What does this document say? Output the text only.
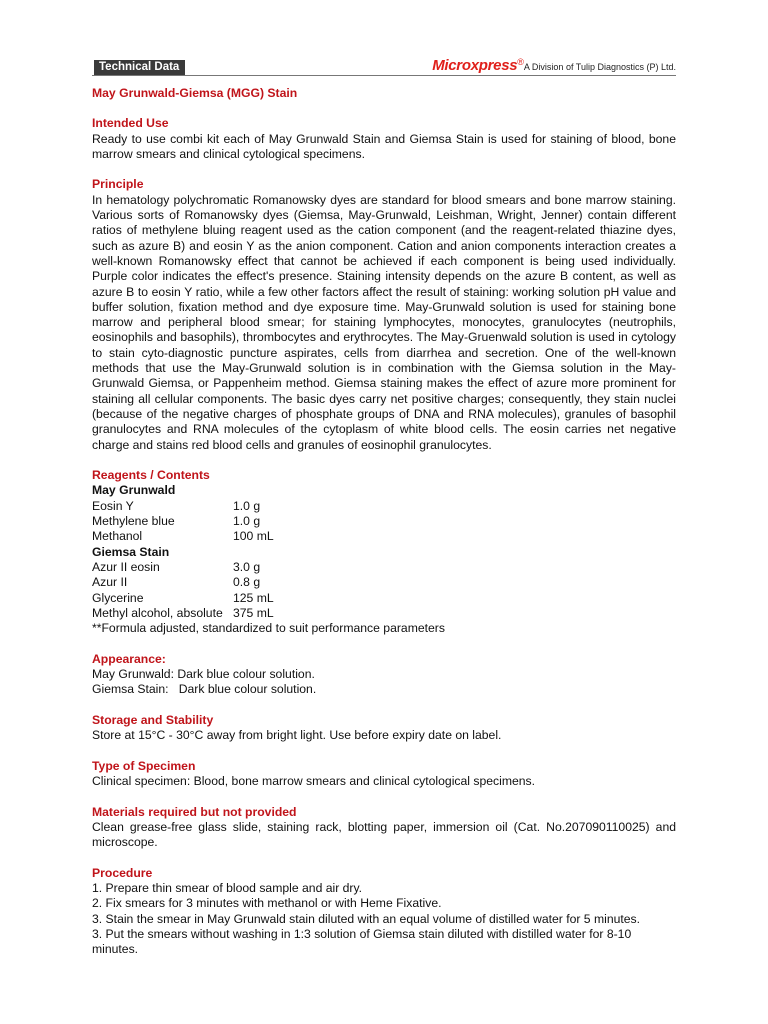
Technical Data	Microxpress®A Division of Tulip Diagnostics (P) Ltd.

May Grunwald-Giemsa (MGG) Stain

Intended Use

Ready to use combi kit each of May Grunwald Stain and Giemsa Stain is used for staining of blood, bone marrow smears and clinical cytological specimens.

Principle

In hematology polychromatic Romanowsky dyes are standard for blood smears and bone marrow staining. Various sorts of Romanowsky dyes (Giemsa, May-Grunwald, Leishman, Wright, Jenner) contain different ratios of methylene bluing reagent used as the cation component (and the reagent-related thiazine dyes, such as azure B) and eosin Y as the anion component. Cation and anion components interaction creates a well-known Romanowsky effect that cannot be achieved if each component is being used individually. Purple color indicates the effect's presence. Staining intensity depends on the azure B content, as well as azure B to eosin Y ratio, while a few other factors affect the result of staining: working solution pH value and buffer solution, fixation method and dye exposure time. May-Grunwald solution is used for staining bone marrow and peripheral blood smear; for staining lymphocytes, monocytes, granulocytes (neutrophils, eosinophils and basophils), thrombocytes and erythrocytes. The May-Gruenwald solution is used in cytology to stain cyto-diagnostic puncture aspirates, cells from diarrhea and secretion. One of the well-known methods that use the May-Grunwald solution is in combination with the Giemsa solution in the May-Grunwald Giemsa, or Pappenheim method. Giemsa staining makes the effect of azure more prominent for staining all cellular components. The basic dyes carry net positive charges; consequently, they stain nuclei (because of the negative charges of phosphate groups of DNA and RNA molecules), granules of basophil granulocytes and RNA molecules of the cytoplasm of white blood cells. The eosin carries net negative charge and stains red blood cells and granules of eosinophil granulocytes.

Reagents / Contents

May Grunwald

Eosin Y	1.0 g
Methylene blue	1.0 g
Methanol	100 mL

Giemsa Stain

Azur II eosin	3.0 g
Azur II	0.8 g
Glycerine	125 mL
Methyl alcohol, absolute 375 mL

**Formula adjusted, standardized to suit performance parameters

Appearance:

May Grunwald: Dark blue colour solution.

Giemsa Stain:   Dark blue colour solution.

Storage and Stability

Store at 15°C - 30°C away from bright light. Use before expiry date on label.

Type of Specimen

Clinical specimen: Blood, bone marrow smears and clinical cytological specimens.

Materials required but not provided

Clean grease-free glass slide, staining rack, blotting paper, immersion oil (Cat. No.207090110025) and microscope.

Procedure

1. Prepare thin smear of blood sample and air dry.

2. Fix smears for 3 minutes with methanol or with Heme Fixative.

3. Stain the smear in May Grunwald stain diluted with an equal volume of distilled water for 5 minutes.

3. Put the smears without washing in 1:3 solution of Giemsa stain diluted with distilled water for 8-10 minutes.
